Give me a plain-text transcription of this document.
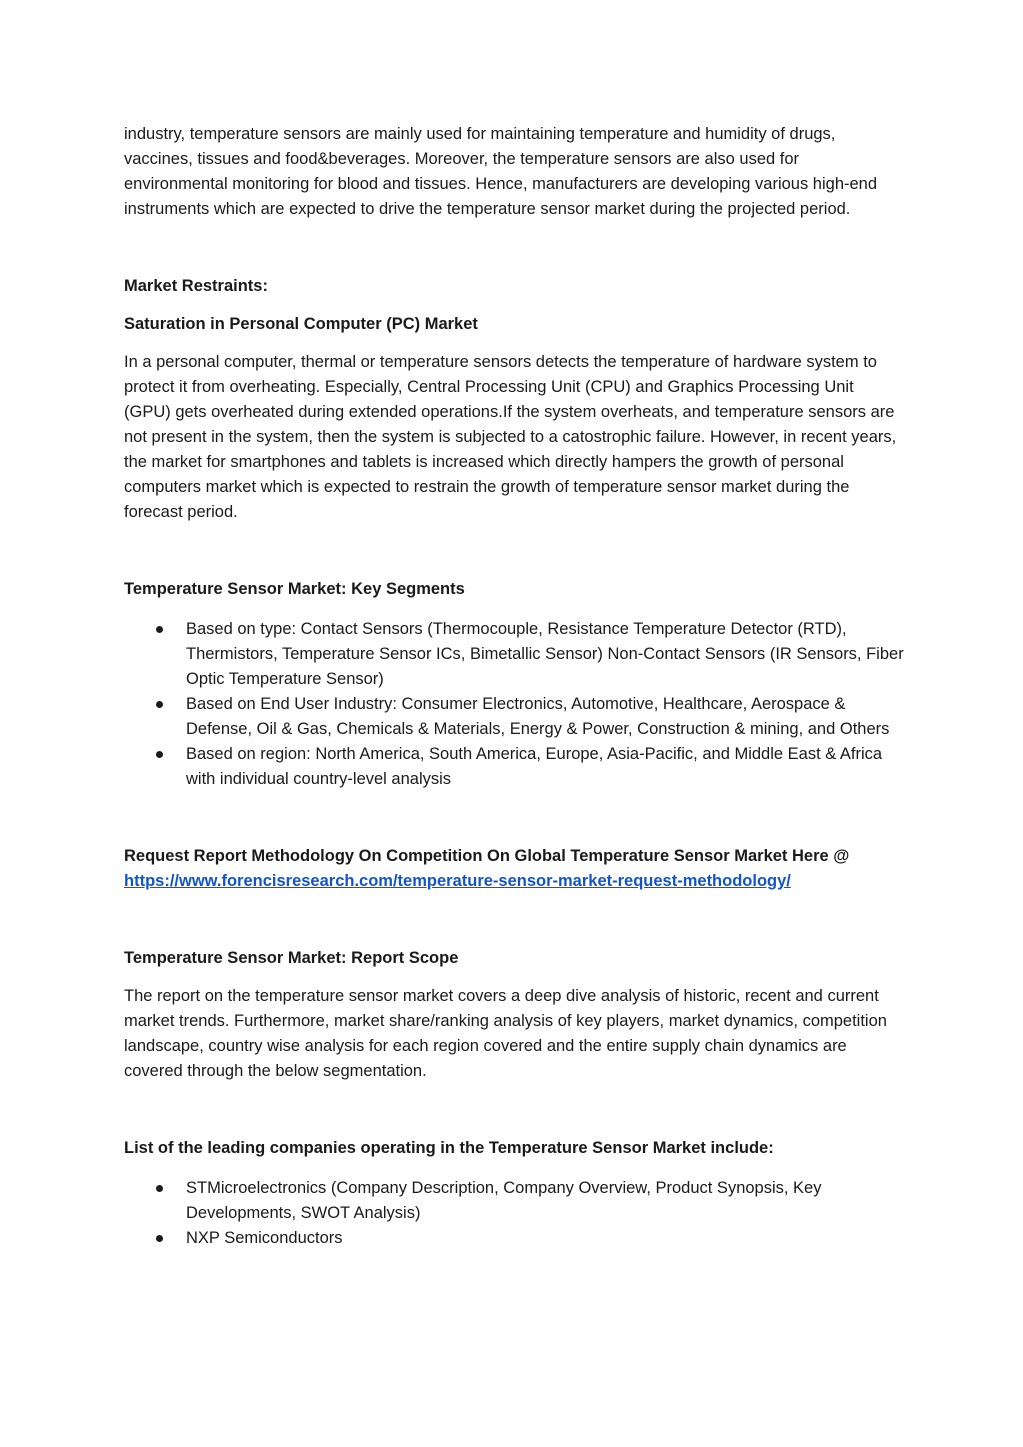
industry, temperature sensors are mainly used for maintaining temperature and humidity of drugs, vaccines, tissues and food&beverages. Moreover, the temperature sensors are also used for environmental monitoring for blood and tissues. Hence, manufacturers are developing various high-end instruments which are expected to drive the temperature sensor market during the projected period.

Market Restraints:

Saturation in Personal Computer (PC) Market

In a personal computer, thermal or temperature sensors detects the temperature of hardware system to protect it from overheating. Especially, Central Processing Unit (CPU) and Graphics Processing Unit (GPU) gets overheated during extended operations.If the system overheats, and temperature sensors are not present in the system, then the system is subjected to a catostrophic failure. However, in recent years, the market for smartphones and tablets is increased which directly hampers the growth of personal computers market which is expected to restrain the growth of temperature sensor market during the forecast period.

Temperature Sensor Market: Key Segments

Based on type: Contact Sensors (Thermocouple, Resistance Temperature Detector (RTD), Thermistors, Temperature Sensor ICs, Bimetallic Sensor) Non-Contact Sensors (IR Sensors, Fiber Optic Temperature Sensor)
Based on End User Industry: Consumer Electronics, Automotive, Healthcare, Aerospace & Defense, Oil & Gas, Chemicals & Materials, Energy & Power, Construction & mining, and Others
Based on region: North America, South America, Europe, Asia-Pacific, and Middle East & Africa with individual country-level analysis

Request Report Methodology On Competition On Global Temperature Sensor Market Here @
https://www.forencisresearch.com/temperature-sensor-market-request-methodology/

Temperature Sensor Market: Report Scope

The report on the temperature sensor market covers a deep dive analysis of historic, recent and current market trends. Furthermore, market share/ranking analysis of key players, market dynamics, competition landscape, country wise analysis for each region covered and the entire supply chain dynamics are covered through the below segmentation.

List of the leading companies operating in the Temperature Sensor Market include:

STMicroelectronics (Company Description, Company Overview, Product Synopsis, Key Developments, SWOT Analysis)
NXP Semiconductors
